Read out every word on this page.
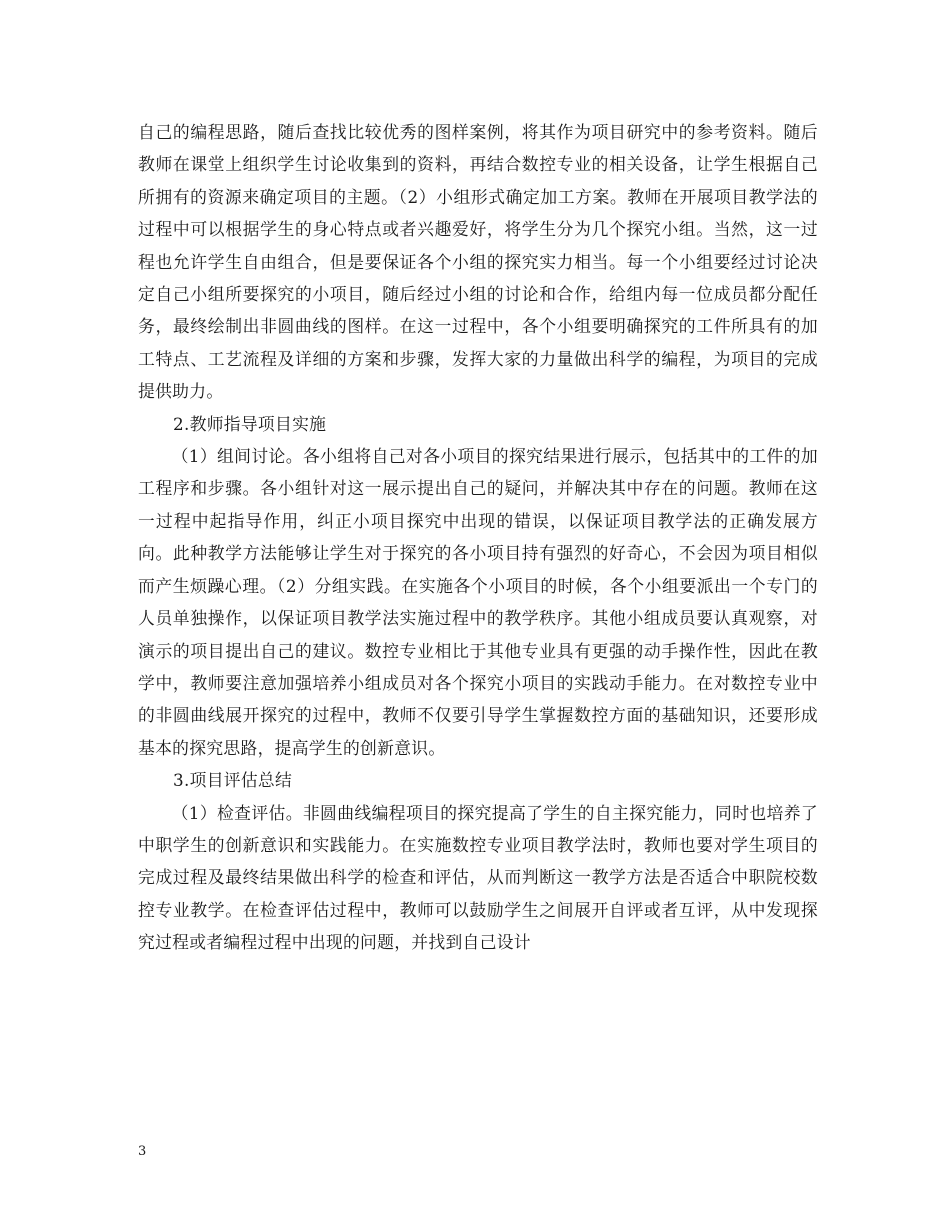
自己的编程思路，随后查找比较优秀的图样案例，将其作为项目研究中的参考资料。随后教师在课堂上组织学生讨论收集到的资料，再结合数控专业的相关设备，让学生根据自己所拥有的资源来确定项目的主题。（2）小组形式确定加工方案。教师在开展项目教学法的过程中可以根据学生的身心特点或者兴趣爱好，将学生分为几个探究小组。当然，这一过程也允许学生自由组合，但是要保证各个小组的探究实力相当。每一个小组要经过讨论决定自己小组所要探究的小项目，随后经过小组的讨论和合作，给组内每一位成员都分配任务，最终绘制出非圆曲线的图样。在这一过程中，各个小组要明确探究的工件所具有的加工特点、工艺流程及详细的方案和步骤，发挥大家的力量做出科学的编程，为项目的完成提供助力。

2.教师指导项目实施

（1）组间讨论。各小组将自己对各小项目的探究结果进行展示，包括其中的工件的加工程序和步骤。各小组针对这一展示提出自己的疑问，并解决其中存在的问题。教师在这一过程中起指导作用，纠正小项目探究中出现的错误，以保证项目教学法的正确发展方向。此种教学方法能够让学生对于探究的各小项目持有强烈的好奇心，不会因为项目相似而产生烦躁心理。（2）分组实践。在实施各个小项目的时候，各个小组要派出一个专门的人员单独操作，以保证项目教学法实施过程中的教学秩序。其他小组成员要认真观察，对演示的项目提出自己的建议。数控专业相比于其他专业具有更强的动手操作性，因此在教学中，教师要注意加强培养小组成员对各个探究小项目的实践动手能力。在对数控专业中的非圆曲线展开探究的过程中，教师不仅要引导学生掌握数控方面的基础知识，还要形成基本的探究思路，提高学生的创新意识。

3.项目评估总结

（1）检查评估。非圆曲线编程项目的探究提高了学生的自主探究能力，同时也培养了中职学生的创新意识和实践能力。在实施数控专业项目教学法时，教师也要对学生项目的完成过程及最终结果做出科学的检查和评估，从而判断这一教学方法是否适合中职院校数控专业教学。在检查评估过程中，教师可以鼓励学生之间展开自评或者互评，从中发现探究过程或者编程过程中出现的问题，并找到自己设计

3
